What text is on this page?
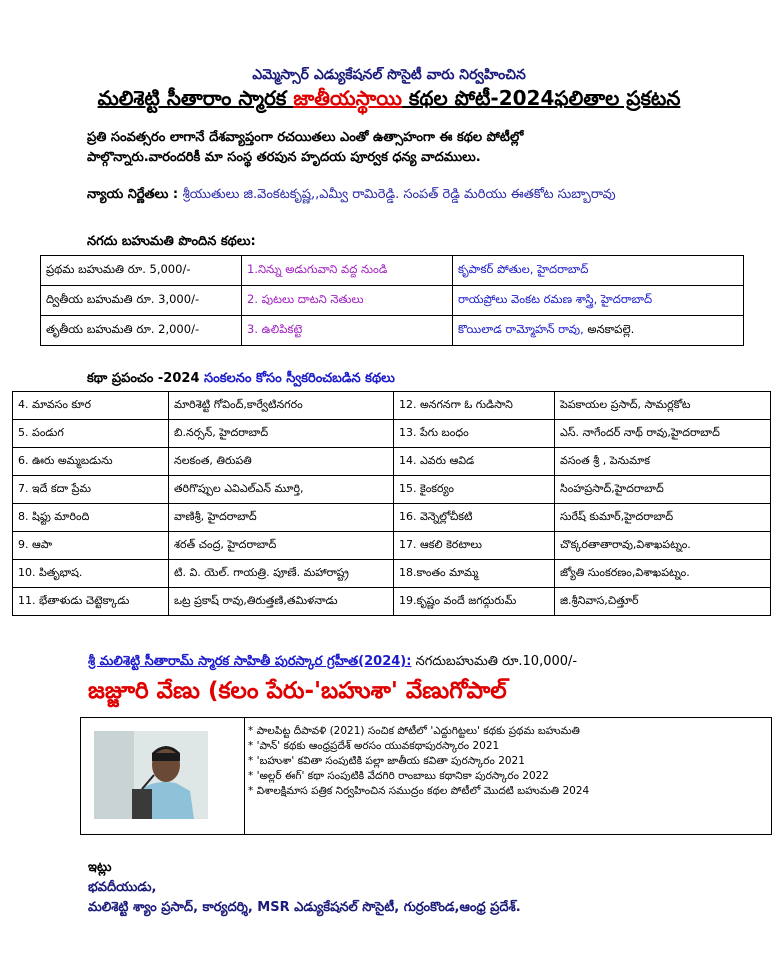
ఎమ్మెస్సార్ ఎడ్యుకేషనల్ సొసైటీ వారు నిర్వహించిన
మలిశెట్టి సీతారాం స్మారక జాతీయస్థాయి కథల పోటీ-2024ఫలితాల ప్రకటన
ప్రతి సంవత్సరం లాగానే దేశవ్యాప్తంగా రచయితలు ఎంతో ఉత్సాహంగా ఈ కథల పోటీల్లో
పాల్గొన్నారు.వారందరికీ మా సంస్థ తరపున హృదయ పూర్వక ధన్య వాదములు.
న్యాయ నిర్ణేతలు : శ్రీయుతులు జి.వెంకటకృష్ణ,,ఎమ్వీ రామిరెడ్డి. సంపత్ రెడ్డి మరియు ఈతకోట సుబ్బారావు
నగదు బహుమతి పొందిన కథలు:
ప్రథమ బహుమతి రూ. 5,000/-	1.నిన్ను అడుగువాని వద్ద నుండి	కృపాకర్ పోతుల, హైదరాబాద్
ద్వితీయ బహుమతి రూ. 3,000/-	2. పుటలు దాటని నెతులు	రాయప్రోలు వెంకట రమణ శాస్త్రి, హైదరాబాద్
తృతీయ బహుమతి రూ. 2,000/-	3. ఉలిపికట్టె	కొయిలాడ రామ్మోహన్ రావు, అనకాపల్లె.
కథా ప్రపంచం -2024 సంకలనం కోసం స్వీకరించబడిన కథలు
4. మావసం కూర	మారిశెట్టి గోవింద్,కార్వేటినగరం	12. అనగనగా ఓ గుడిసాని	పెపకాయల ప్రసాద్, సామర్లకోట
5. పండుగ	బి.నర్సన్, హైదరాబాద్	13. పేగు బంధం	ఎస్. నాగేందర్ నాథ్ రావు,హైదరాబాద్
6. ఊరు అమ్మబడును	నలకంత, తిరుపతి	14. ఎవరు ఆవిడ	వసంత శ్రీ , పెనుమాక
7. ఇదే కదా ప్రేమ	తరిగొప్పుల ఎవిఎల్ఎన్ మూర్తి,	15. కైంకర్యం	సింహప్రసాద్,హైదరాబాద్
8. షిఫ్టు మారింది	వాణిశ్రీ, హైదరాబాద్	16. వెన్నెల్లోచీకటి	సురేష్ కుమార్,హైదరాబాద్
9. ఆపా	శరత్ చంద్ర, హైదరాబాద్	17. ఆకలి కెరటాలు	చొక్కరతాతారావు,విశాఖపట్నం.
10. పితృభాష.	టి. వి. యెల్. గాయత్రి. పూణే. మహారాష్ట్ర	18.కాంతం మామ్మ	జ్యోతి సుంకరణం,విశాఖపట్నం.
11. భేతాళుడు చెట్టెక్కాడు	ఒట్ర ప్రకాష్ రావు,తిరుత్తణి,తమిళనాడు	19.కృష్ణం వందే జగద్గురుమ్	జి.శ్రీనివాస,చిత్తూర్
శ్రీ మలిశెట్టి సీతారామ్ స్మారక సాహితీ పురస్కార గ్రహీత(2024): నగదుబహుమతి రూ.10,000/-
జజ్జూరి వేణు (కలం పేరు-'బహుశా' వేణుగోపాల్
* పాలపిట్ట దీపావళి (2021) సంచిక పోటీలో 'ఎద్దుగిట్టలు' కథకు ప్రథమ బహుమతి
* 'పాన్' కథకు ఆంధ్రప్రదేశ్ అరసం యువకథాపురస్కారం 2021
* 'బహుశా' కవితా సంపుటికి పల్లా జాతీయ కవితా పురస్కారం 2021
* 'అల్లర్ ఈగ్' కథా సంపుటికి వేదగిరి రాంబాబు కథానికా పురస్కారం 2022
* విశాలక్షిమాస పత్రిక నిర్వహించిన సముద్రం కథల పోటీలో మొదటి బహుమతి 2024
ఇట్లు
భవదీయుడు,
మలిశెట్టి శ్యాం ప్రసాద్, కార్యదర్శి, MSR ఎడ్యుకేషనల్ సొసైటీ, గుర్రంకొండ,ఆంధ్ర ప్రదేశ్.
